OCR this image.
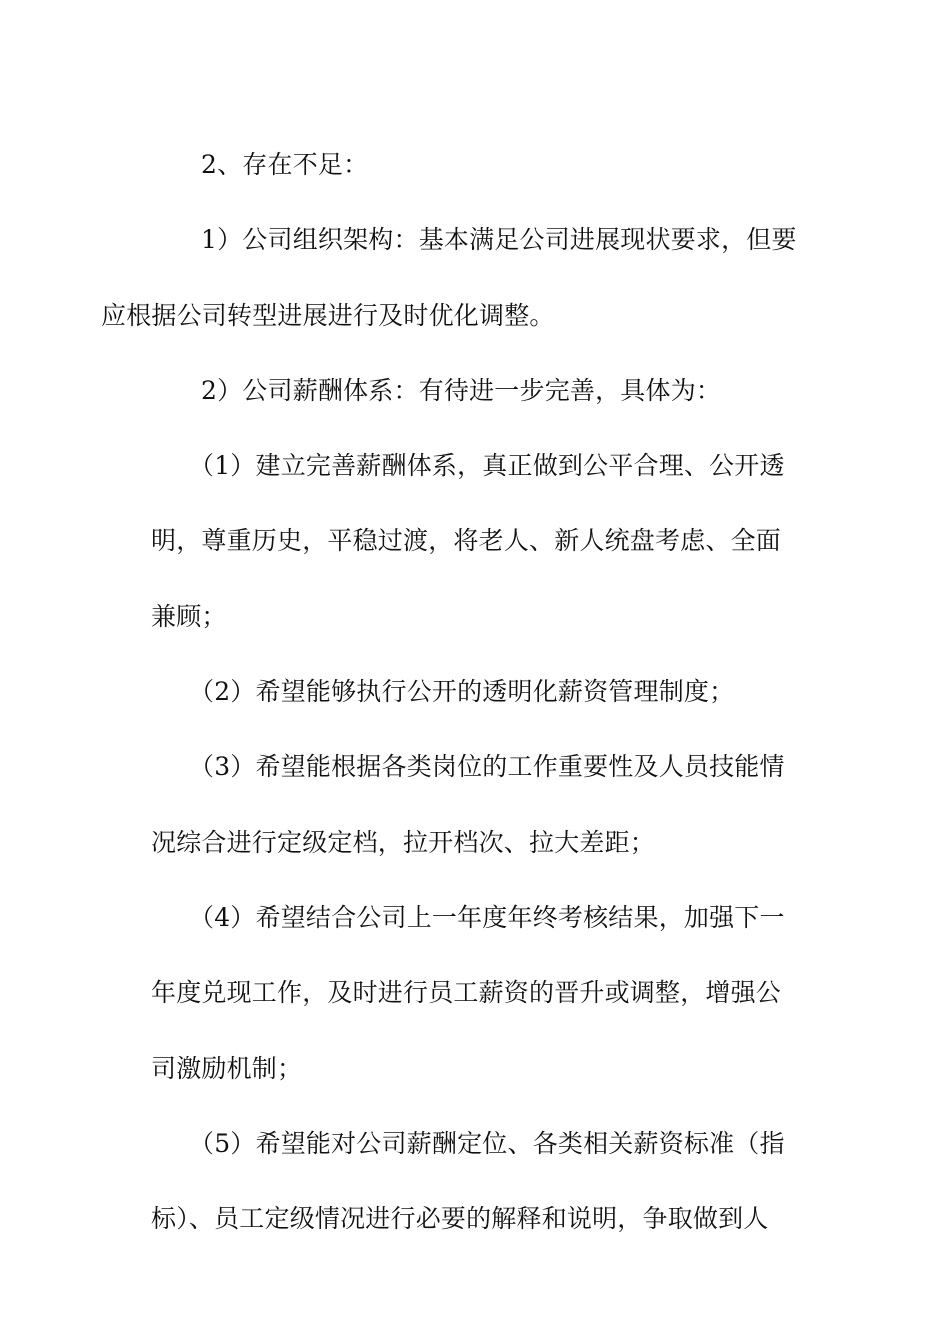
2、存在不足：

1）公司组织架构：基本满足公司进展现状要求，但要
应根据公司转型进展进行及时优化调整。

2）公司薪酬体系：有待进一步完善，具体为：

（1）建立完善薪酬体系，真正做到公平合理、公开透
明，尊重历史，平稳过渡，将老人、新人统盘考虑、全面
兼顾；

（2）希望能够执行公开的透明化薪资管理制度；

（3）希望能根据各类岗位的工作重要性及人员技能情
况综合进行定级定档，拉开档次、拉大差距；

（4）希望结合公司上一年度年终考核结果，加强下一
年度兑现工作，及时进行员工薪资的晋升或调整，增强公
司激励机制；

（5）希望能对公司薪酬定位、各类相关薪资标准（指
标）、员工定级情况进行必要的解释和说明，争取做到人
